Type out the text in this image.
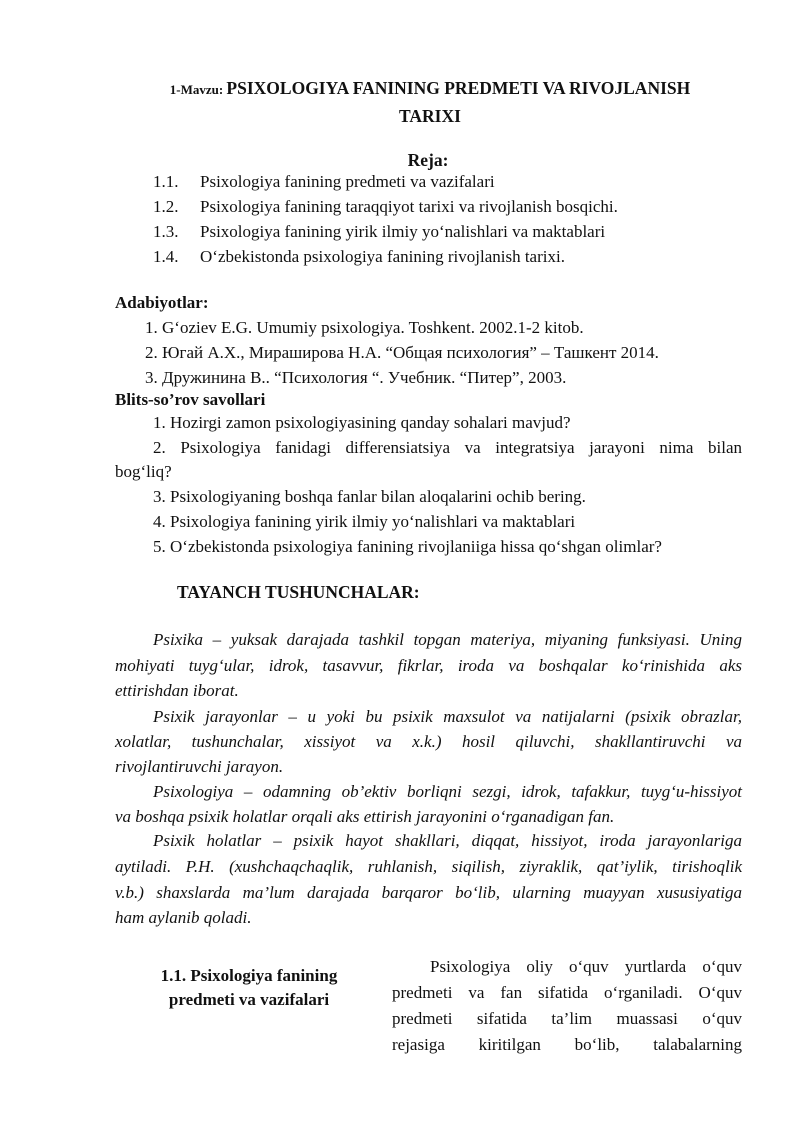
1-Mavzu: PSIXOLOGIYA FANINING PREDMETI VA RIVOJLANISH
TARIXI
Reja:
1.1. Psixologiya fanining predmeti va vazifalari
1.2. Psixologiya fanining taraqqiyot tarixi va rivojlanish bosqichi.
1.3. Psixologiya fanining yirik ilmiy yo‘nalishlari va maktablari
1.4. O‘zbekistonda psixologiya fanining rivojlanish tarixi.
Adabiyotlar:
1. G‘oziev E.G. Umumiy psixologiya. Toshkent. 2002.1-2 kitob.
2. Югай А.Х., Мирашировa Н.А. “Общая психология” – Ташкент 2014.
3. Дружинина В.. “Психология “. Учебник. “Питер”, 2003.
Blits-so’rov savollari
1. Hozirgi zamon psixologiyasining qanday sohalari mavjud?
2. Psixologiya fanidagi differensiatsiya va integratsiya jarayoni nima bilan
bog‘liq?
3. Psixologiyaning boshqa fanlar bilan aloqalarini ochib bering.
4. Psixologiya fanining yirik ilmiy yo‘nalishlari va maktablari
5. O‘zbekistonda psixologiya fanining rivojlaniiga hissa qo‘shgan olimlar?
TAYANCH TUSHUNCHALAR:
Psixika – yuksak darajada tashkil topgan materiya, miyaning funksiyasi. Uning
mohiyati tuyg‘ular, idrok, tasavvur, fikrlar, iroda va boshqalar ko‘rinishida aks
ettirishdan iborat.
Psixik jarayonlar – u yoki bu psixik maxsulot va natijalarni (psixik obrazlar,
xolatlar, tushunchalar, xissiyot va x.k.) hosil qiluvchi, shakllantiruvchi va
rivojlantiruvchi jarayon.
Psixologiya – odamning ob’ektiv borliqni sezgi, idrok, tafakkur, tuyg‘u-hissiyot
va boshqa psixik holatlar orqali aks ettirish jarayonini o‘rganadigan fan.
Psixik holatlar – psixik hayot shakllari, diqqat, hissiyot, iroda jarayonlariga
aytiladi. P.H. (xushchaqchaqlik, ruhlanish, siqilish, ziyraklik, qat’iylik, tirishoqlik
v.b.) shaxslarda ma’lum darajada barqaror bo‘lib, ularning muayyan xususiyatiga
ham aylanib qoladi.
1.1. Psixologiya fanining
predmeti va vazifalari
Psixologiya oliy o‘quv yurtlarda o‘quv
predmeti va fan sifatida o‘rganiladi. O‘quv
predmeti sifatida ta’lim muassasi o‘quv
rejasiga kiritilgan bo‘lib, talabalarning
